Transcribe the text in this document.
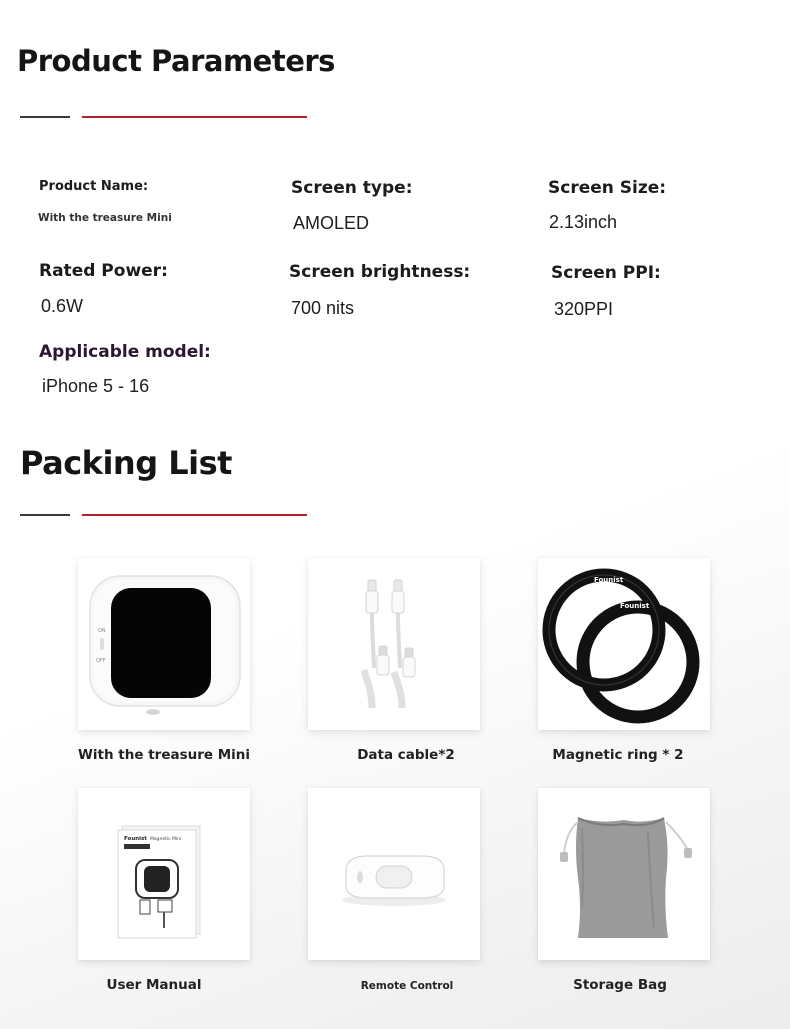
Product Parameters
Product Name:
With the treasure Mini
Screen type:
AMOLED
Screen Size:
2.13inch
Rated Power:
0.6W
Screen brightness:
700 nits
Screen PPI:
320PPI
Applicable model:
iPhone 5 - 16
Packing List
ON
OFF
With the treasure Mini	Data cable*2
Founist
Founist
Magnetic ring * 2
Founist Magnetic Mini
User Manual	Remote Control	Storage Bag
